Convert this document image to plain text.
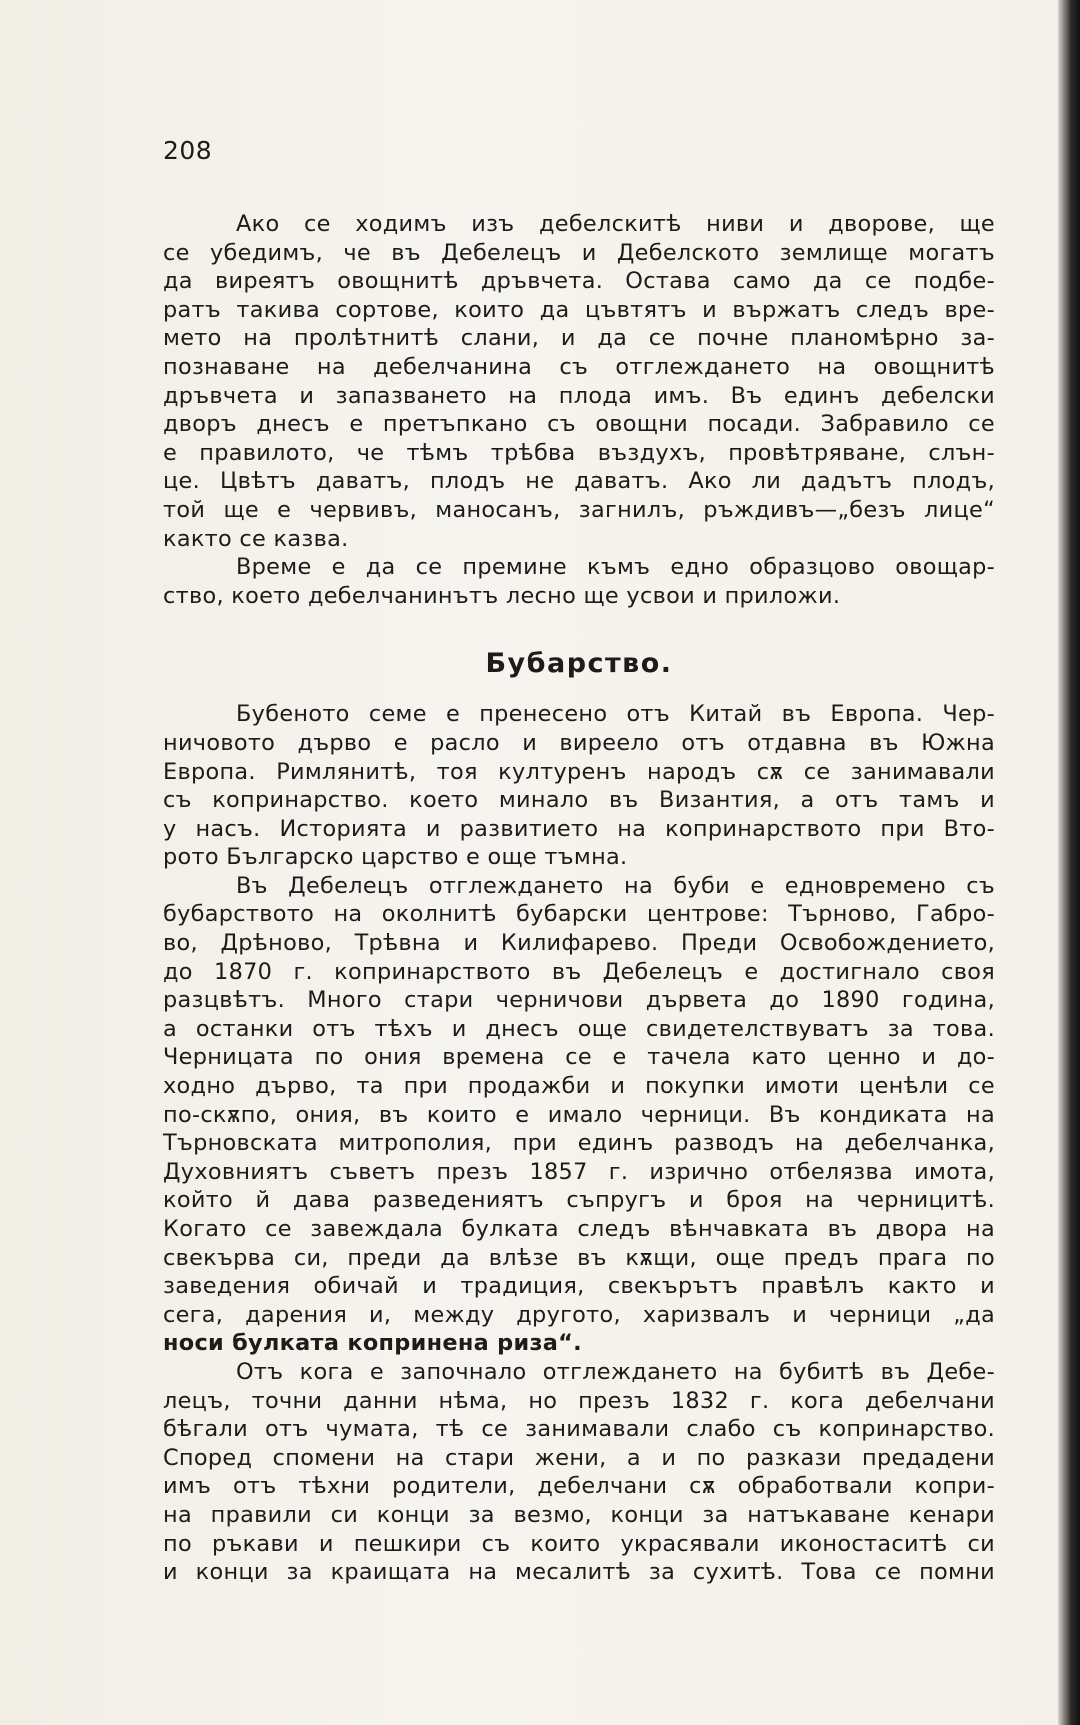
208
Ако се ходимъ изъ дебелскитѣ ниви и дворове, ще
се убедимъ, че въ Дебелецъ и Дебелското землище могатъ
да виреятъ овощнитѣ дръвчета. Остава само да се подбе-
ратъ такива сортове, които да цъвтятъ и вържатъ следъ вре-
мето на пролѣтнитѣ слани, и да се почне планомѣрно за-
познаване на дебелчанина съ отглеждането на овощнитѣ
дръвчета и запазването на плода имъ. Въ единъ дебелски
дворъ днесъ е претъпкано съ овощни посади. Забравило се
е правилото, че тѣмъ трѣбва въздухъ, провѣтряване, слън-
це. Цвѣтъ даватъ, плодъ не даватъ. Ако ли дадътъ плодъ,
той ще е червивъ, маносанъ, загнилъ, ръждивъ—„безъ лице“
както се казва.
Време е да се премине къмъ едно образцово овощар-
ство, което дебелчанинътъ лесно ще усвои и приложи.
Бубарство.
Бубеното семе е пренесено отъ Китай въ Европа. Чер-
ничовото дърво е расло и виреело отъ отдавна въ Южна
Европа. Римлянитѣ, тоя културенъ народъ сѫ се занимавали
съ копринарство. което минало въ Византия, а отъ тамъ и
у насъ. Историята и развитието на копринарството при Вто-
рото Българско царство е още тъмна.
Въ Дебелецъ отглеждането на буби е едновремено съ
бубарството на околнитѣ бубарски центрове: Търново, Габро-
во, Дрѣново, Трѣвна и Килифарево. Преди Освобождението,
до 1870 г. копринарството въ Дебелецъ е достигнало своя
разцвѣтъ. Много стари черничови дървета до 1890 година,
а останки отъ тѣхъ и днесъ още свидетелствуватъ за това.
Черницата по ония времена се е тачела като ценно и до-
ходно дърво, та при продажби и покупки имоти ценѣли се
по-скѫпо, ония, въ които е имало черници. Въ кондиката на
Търновската митрополия, при единъ разводъ на дебелчанка,
Духовниятъ съветъ презъ 1857 г. изрично отбелязва имота,
който й дава разведениятъ съпругъ и броя на черницитѣ.
Когато се завеждала булката следъ вѣнчавката въ двора на
свекърва си, преди да влѣзе въ кѫщи, още предъ прага по
заведения обичай и традиция, свекърътъ правѣлъ както и
сега, дарения и, между другото, харизвалъ и черници „да
носи булката копринена риза“.
Отъ кога е започнало отглеждането на бубитѣ въ Дебе-
лецъ, точни данни нѣма, но презъ 1832 г. кога дебелчани
бѣгали отъ чумата, тѣ се занимавали слабо съ копринарство.
Според спомени на стари жени, а и по разкази предадени
имъ отъ тѣхни родители, дебелчани сѫ обработвали копри-
на правили си конци за везмо, конци за натъкаване кенари
по ръкави и пешкири съ които украсявали иконостаситѣ си
и конци за краищата на месалитѣ за сухитѣ. Това се помни
